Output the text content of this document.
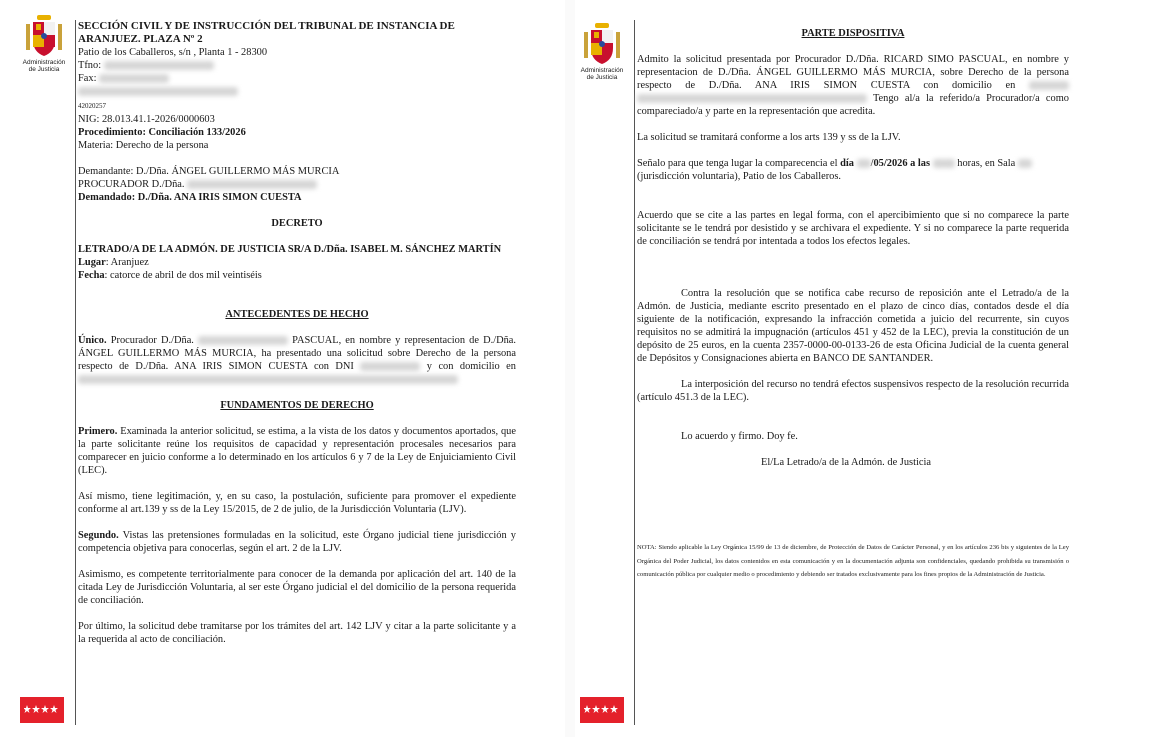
Administración
de Justicia

SECCIÓN CIVIL Y DE INSTRUCCIÓN DEL TRIBUNAL DE INSTANCIA DE

ARANJUEZ. PLAZA Nº 2

Patio de los Caballeros, s/n , Planta 1 - 28300

Tfno:

Fax:

42020257

NIG: 28.013.41.1-2026/0000603

Procedimiento: Conciliación 133/2026

Materia: Derecho de la persona

Demandante: D./Dña. ÁNGEL GUILLERMO MÁS MURCIA

PROCURADOR D./Dña.

Demandado: D./Dña. ANA IRIS SIMON CUESTA

DECRETO

LETRADO/A DE LA ADMÓN. DE JUSTICIA SR/A D./Dña. ISABEL M. SÁNCHEZ MARTÍN

Lugar: Aranjuez

Fecha: catorce de abril de dos mil veintiséis

ANTECEDENTES DE HECHO

Único. Procurador D./Dña.	PASCUAL, en nombre y representacion de D./Dña. ÁNGEL GUILLERMO MÁS MURCIA, ha presentado una solicitud sobre Derecho de la persona respecto de D./Dña. ANA IRIS SIMON CUESTA con DNI	y con domicilio en

FUNDAMENTOS DE DERECHO

Primero. Examinada la anterior solicitud, se estima, a la vista de los datos y documentos aportados, que la parte solicitante reúne los requisitos de capacidad y representación procesales necesarios para comparecer en juicio conforme a lo determinado en los artículos 6 y 7 de la Ley de Enjuiciamiento Civil (LEC).

Así mismo, tiene legitimación, y, en su caso, la postulación, suficiente para promover el expediente conforme al art.139 y ss de la Ley 15/2015, de 2 de julio, de la Jurisdicción Voluntaria (LJV).

Segundo. Vistas las pretensiones formuladas en la solicitud, este Órgano judicial tiene jurisdicción y competencia objetiva para conocerlas, según el art. 2 de la LJV.

Asimismo, es competente territorialmente para conocer de la demanda por aplicación del art. 140 de la citada Ley de Jurisdicción Voluntaria, al ser este Órgano judicial el del domicilio de la persona requerida de conciliación.

Por último, la solicitud debe tramitarse por los trámites del art. 142 LJV y citar a la parte solicitante y a la requerida al acto de conciliación.

Administración
de Justicia

PARTE DISPOSITIVA

Admito la solicitud presentada por Procurador D./Dña. RICARD SIMO PASCUAL, en nombre y representacion de D./Dña. ÁNGEL GUILLERMO MÁS MURCIA, sobre Derecho de la persona respecto de D./Dña. ANA IRIS SIMON CUESTA con domicilio en   Tengo al/a la referido/a Procurador/a como compareciado/a y parte en la representación que acredita.

La solicitud se tramitará conforme a los arts 139 y ss de la LJV.

Señalo para que tenga lugar la comparecencia el día /05/2026 a las  horas, en Sala
(jurisdicción voluntaria), Patio de los Caballeros.

Acuerdo que se cite a las partes en legal forma, con el apercibimiento que si no comparece la parte solicitante se le tendrá por desistido y se archivara el expediente. Y si no comparece la parte requerida de conciliación se tendrá por intentada a todos los efectos legales.

Contra la resolución que se notifica cabe recurso de reposición ante el Letrado/a de la Admón. de Justicia, mediante escrito presentado en el plazo de cinco días, contados desde el día siguiente de la notificación, expresando la infracción cometida a juicio del recurrente, sin cuyos requisitos no se admitirá la impugnación (artículos 451 y 452 de la LEC), previa la constitución de un depósito de 25 euros, en la cuenta 2357-0000-00-0133-26 de esta Oficina Judicial de la cuenta general de Depósitos y Consignaciones abierta en BANCO DE SANTANDER.

La interposición del recurso no tendrá efectos suspensivos respecto de la resolución recurrida (artículo 451.3 de la LEC).

Lo acuerdo y firmo. Doy fe.

El/La Letrado/a de la Admón. de Justicia

NOTA: Siendo aplicable la Ley Orgánica 15/99 de 13 de diciembre, de Protección de Datos de Carácter Personal, y en los artículos 236 bis y siguientes de la Ley Orgánica del Poder Judicial, los datos contenidos en esta comunicación y en la documentación adjunta son confidenciales, quedando prohibida su transmisión o comunicación pública por cualquier medio o procedimiento y debiendo ser tratados exclusivamente para los fines propios de la Administración de Justicia.
